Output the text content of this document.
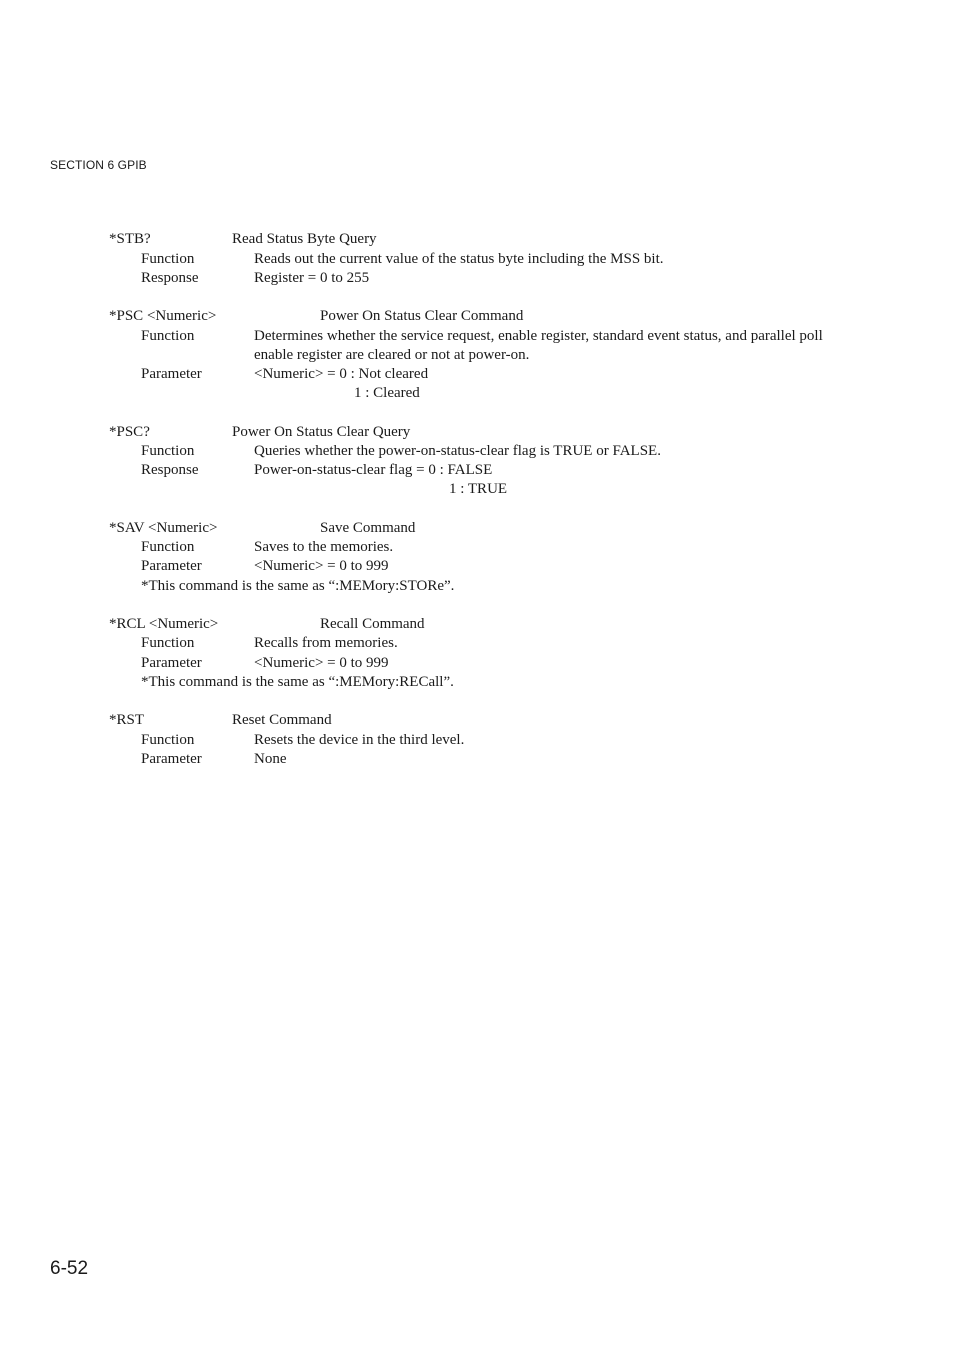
SECTION 6 GPIB
*STB?	Read Status Byte Query
Function	Reads out the current value of the status byte including the MSS bit.
Response	Register = 0 to 255
*PSC <Numeric>	Power On Status Clear Command
Function	Determines whether the service request, enable register, standard event status, and parallel poll enable register are cleared or not at power-on.
Parameter	<Numeric> = 0 : Not cleared
1 : Cleared
*PSC?	Power On Status Clear Query
Function	Queries whether the power-on-status-clear flag is TRUE or FALSE.
Response	Power-on-status-clear flag = 0 : FALSE
1 : TRUE
*SAV <Numeric>	Save Command
Function	Saves to the memories.
Parameter	<Numeric> = 0 to 999
*This command is the same as “:MEMory:STORe”.
*RCL <Numeric>	Recall Command
Function	Recalls from memories.
Parameter	<Numeric> = 0 to 999
*This command is the same as “:MEMory:RECall”.
*RST	Reset Command
Function	Resets the device in the third level.
Parameter	None
6-52
